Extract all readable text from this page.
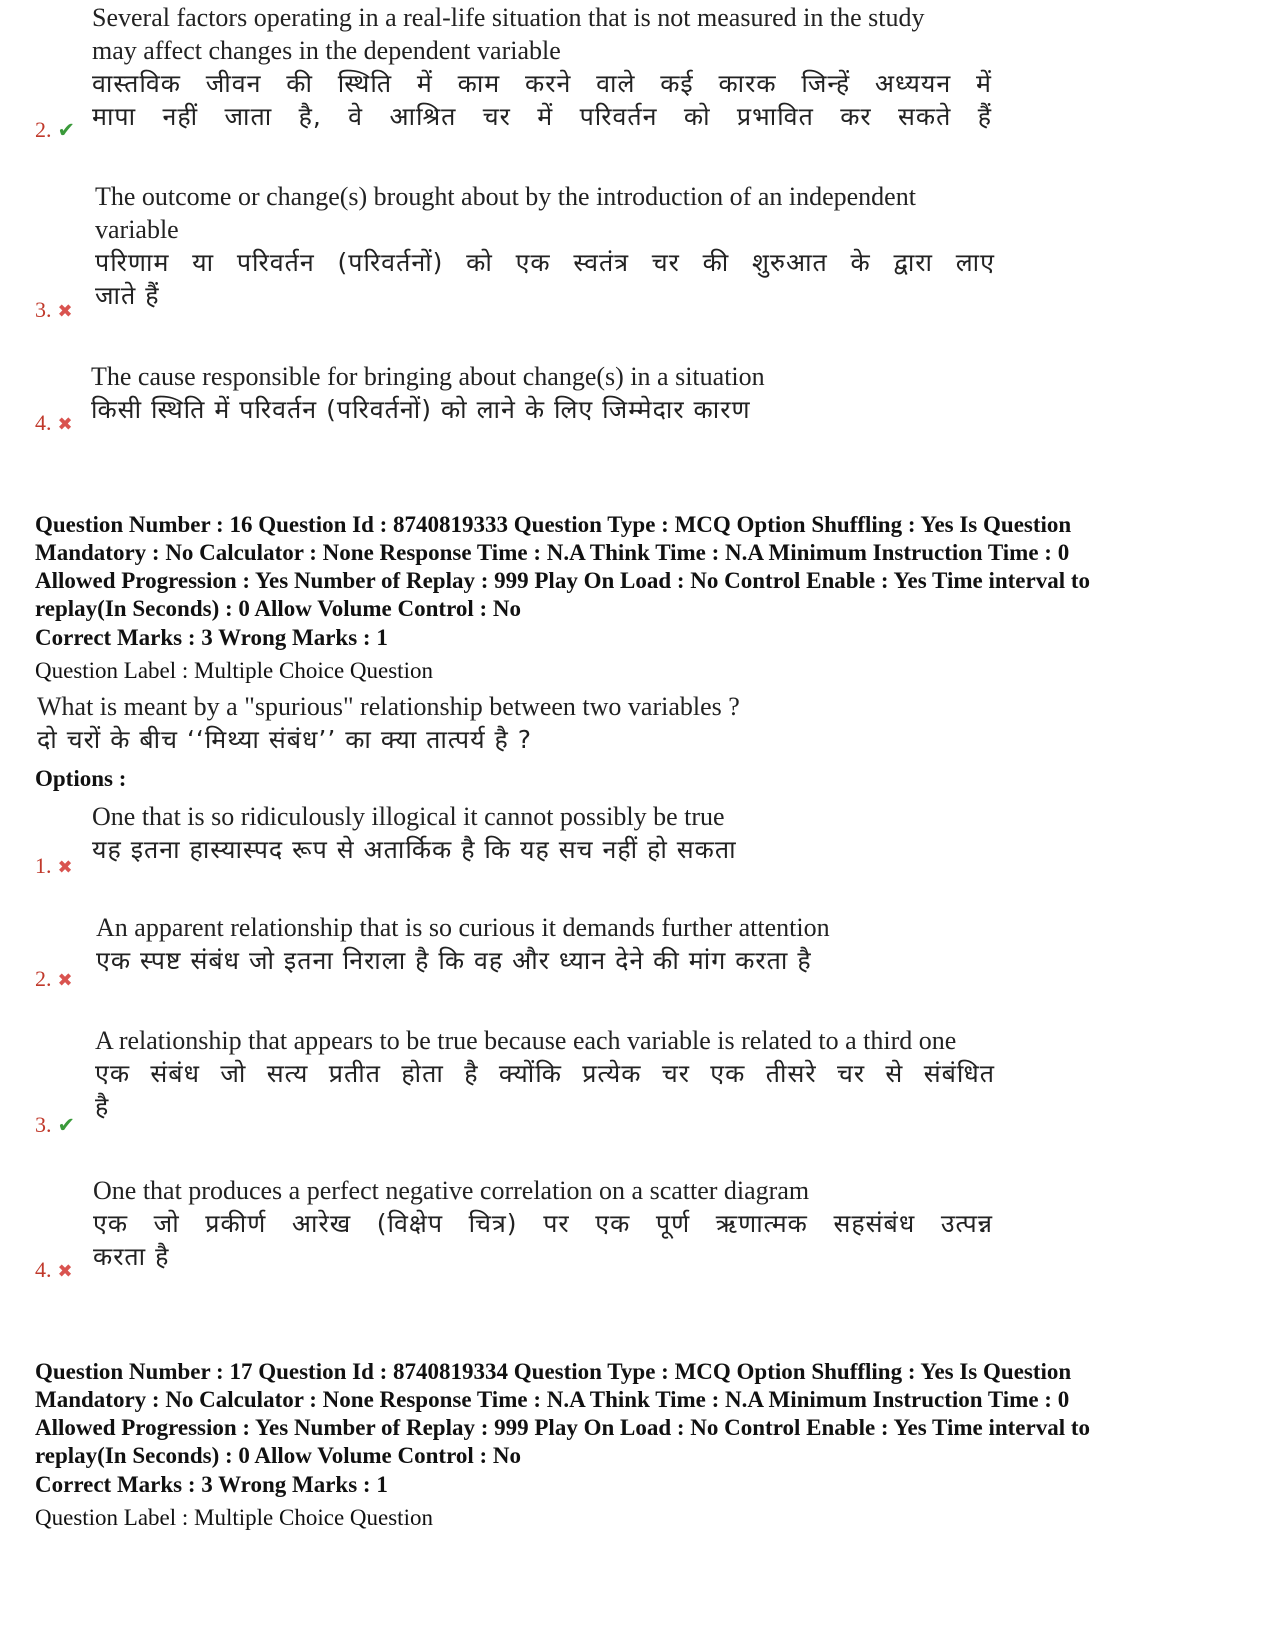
Several factors operating in a real-life situation that is not measured in the study
may affect changes in the dependent variable
वास्तविक जीवन की स्थिति में काम करने वाले कई कारक जिन्हें अध्ययन में
मापा नहीं जाता है, वे आश्रित चर में परिवर्तन को प्रभावित कर सकते हैं
2. ✔
The outcome or change(s) brought about by the introduction of an independent
variable
परिणाम या परिवर्तन (परिवर्तनों) को एक स्वतंत्र चर की शुरुआत के द्वारा लाए
जाते हैं
3. ✖
The cause responsible for bringing about change(s) in a situation
किसी स्थिति में परिवर्तन (परिवर्तनों) को लाने के लिए जिम्मेदार कारण
4. ✖
Question Number : 16 Question Id : 8740819333 Question Type : MCQ Option Shuffling : Yes Is Question
Mandatory : No Calculator : None Response Time : N.A Think Time : N.A Minimum Instruction Time : 0
Allowed Progression : Yes Number of Replay : 999 Play On Load : No Control Enable : Yes Time interval to
replay(In Seconds) : 0 Allow Volume Control : No
Correct Marks : 3 Wrong Marks : 1
Question Label : Multiple Choice Question
What is meant by a "spurious" relationship between two variables ?
दो चरों के बीच ‘‘मिथ्या संबंध’’ का क्या तात्पर्य है ?
Options :
One that is so ridiculously illogical it cannot possibly be true
यह इतना हास्यास्पद रूप से अतार्किक है कि यह सच नहीं हो सकता
1. ✖
An apparent relationship that is so curious it demands further attention
एक स्पष्ट संबंध जो इतना निराला है कि वह और ध्यान देने की मांग करता है
2. ✖
A relationship that appears to be true because each variable is related to a third one
एक संबंध जो सत्य प्रतीत होता है क्योंकि प्रत्येक चर एक तीसरे चर से संबंधित
है
3. ✔
One that produces a perfect negative correlation on a scatter diagram
एक जो प्रकीर्ण आरेख (विक्षेप चित्र) पर एक पूर्ण ऋणात्मक सहसंबंध उत्पन्न
करता है
4. ✖
Question Number : 17 Question Id : 8740819334 Question Type : MCQ Option Shuffling : Yes Is Question
Mandatory : No Calculator : None Response Time : N.A Think Time : N.A Minimum Instruction Time : 0
Allowed Progression : Yes Number of Replay : 999 Play On Load : No Control Enable : Yes Time interval to
replay(In Seconds) : 0 Allow Volume Control : No
Correct Marks : 3 Wrong Marks : 1
Question Label : Multiple Choice Question
